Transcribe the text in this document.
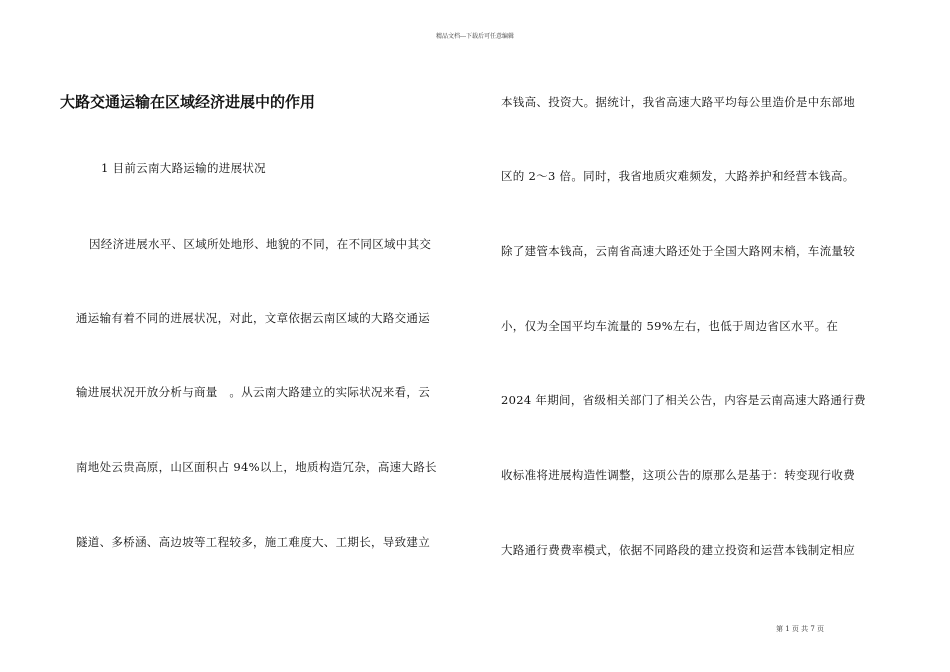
精品文档---下载后可任意编辑
大路交通运输在区域经济进展中的作用
1 目前云南大路运输的进展状况
因经济进展水平、区域所处地形、地貌的不同，在不同区域中其交
通运输有着不同的进展状况，对此，文章依据云南区域的大路交通运
输进展状况开放分析与商量　。从云南大路建立的实际状况来看，云
南地处云贵高原，山区面积占 94%以上，地质构造冗杂，高速大路长
隧道、多桥涵、高边坡等工程较多，施工难度大、工期长，导致建立
本钱高、投资大。据统计，我省高速大路平均每公里造价是中东部地
区的 2～3 倍。同时，我省地质灾难频发，大路养护和经营本钱高。
除了建管本钱高，云南省高速大路还处于全国大路网末梢，车流量较
小，仅为全国平均车流量的 59%左右，也低于周边省区水平。在
2024 年期间，省级相关部门了相关公告，内容是云南高速大路通行费
收标准将进展构造性调整，这项公告的原那么是基于：转变现行收费
大路通行费费率模式，依据不同路段的建立投资和运营本钱制定相应
第 1 页 共 7 页
